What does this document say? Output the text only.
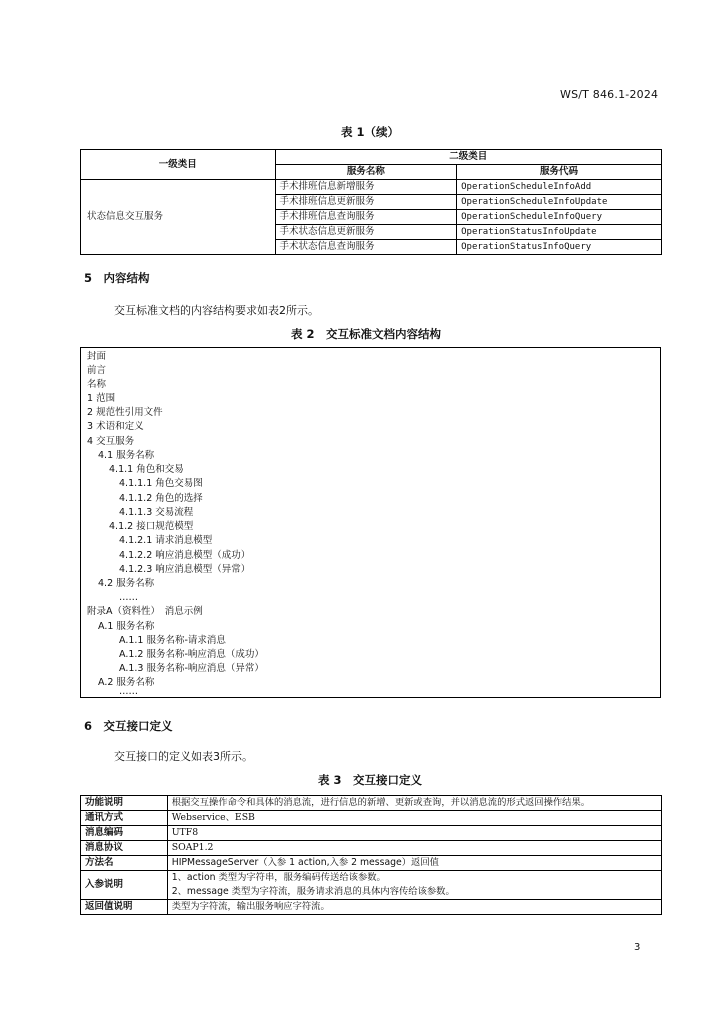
WS/T 846.1-2024
表 1（续）
一级类目	二级类目	
	服务名称	服务代码
状态信息交互服务	手术排班信息新增服务	OperationScheduleInfoAdd
	手术排班信息更新服务	OperationScheduleInfoUpdate
	手术排班信息查询服务	OperationScheduleInfoQuery
	手术状态信息更新服务	OperationStatusInfoUpdate
	手术状态信息查询服务	OperationStatusInfoQuery
5　内容结构
交互标准文档的内容结构要求如表2所示。
表 2　交互标准文档内容结构
封面
前言
名称
1 范围
2 规范性引用文件
3 术语和定义
4 交互服务
4.1 服务名称
4.1.1 角色和交易
4.1.1.1 角色交易图
4.1.1.2 角色的选择
4.1.1.3 交易流程
4.1.2 接口规范模型
4.1.2.1 请求消息模型
4.1.2.2 响应消息模型（成功）
4.1.2.3 响应消息模型（异常）
4.2 服务名称
……
附录A（资料性）　消息示例
A.1 服务名称
A.1.1 服务名称-请求消息
A.1.2 服务名称-响应消息（成功）
A.1.3 服务名称-响应消息（异常）
A.2 服务名称
……
6　交互接口定义
交互接口的定义如表3所示。
表 3　交互接口定义
功能说明	根据交互操作命令和具体的消息流，进行信息的新增、更新或查询，并以消息流的形式返回操作结果。
通讯方式	Webservice、ESB
消息编码	UTF8
消息协议	SOAP1.2
方法名	HIPMessageServer（入参 1 action,入参 2 message）返回值
入参说明	1、action 类型为字符串，服务编码传送给该参数。
2、message 类型为字符流，服务请求消息的具体内容传给该参数。

返回值说明	类型为字符流，输出服务响应字符流。
3
